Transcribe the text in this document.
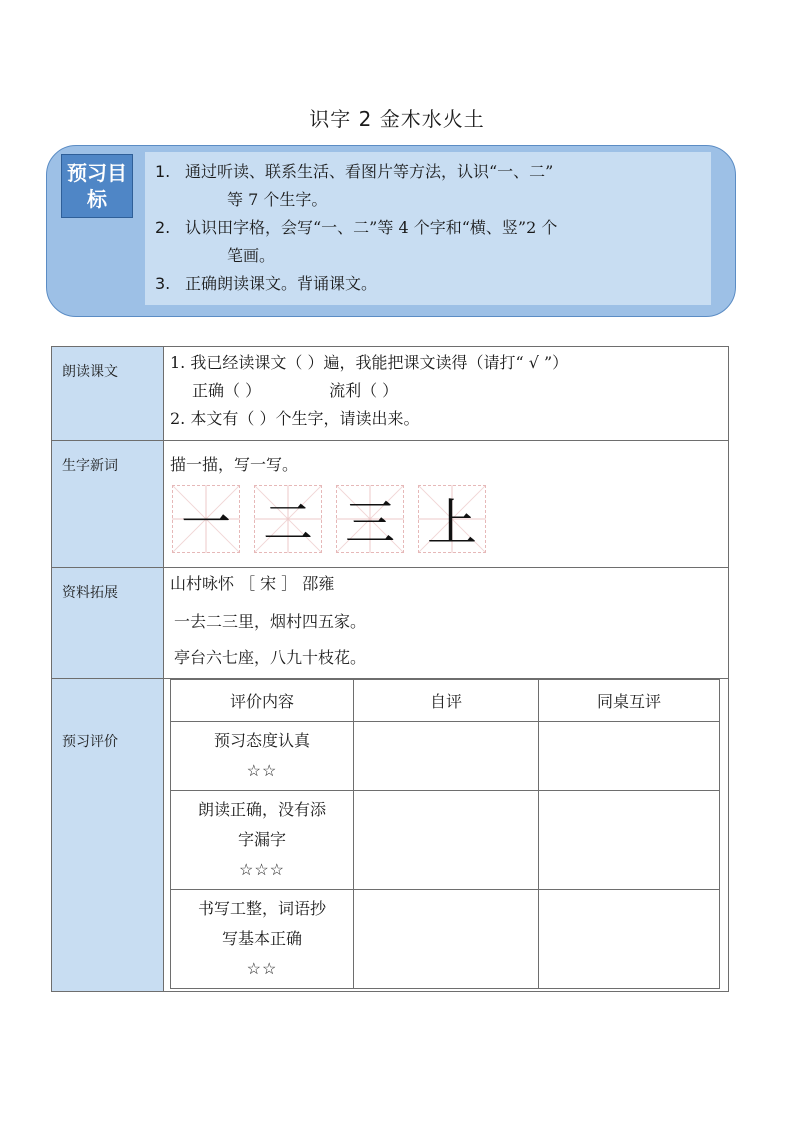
识字 2 金木水火土
预习目标
1. 通过听读、联系生活、看图片等方法，认识“一、二”
等 7 个生字。
2. 认识田字格，会写“一、二”等 4 个字和“横、竖”2 个
笔画。
3. 正确朗读课文。背诵课文。
朗读课文	1. 我已经读课文（ ）遍，我能把课文读得（请打“ √ ”）
正确（ ）	流利（ ）
2. 本文有（ ）个生字，请读出来。

生字新词	描一描，写一写。
一 二 三 上

资料拓展	山村咏怀 ［ 宋 ］ 邵雍
一去二三里，烟村四五家。
亭台六七座，八九十枝花。

预习评价	
评价内容	自评	同桌互评

预习态度认真
☆☆

朗读正确，没有添
字漏字
☆☆☆

书写工整，词语抄
写基本正确
☆☆
